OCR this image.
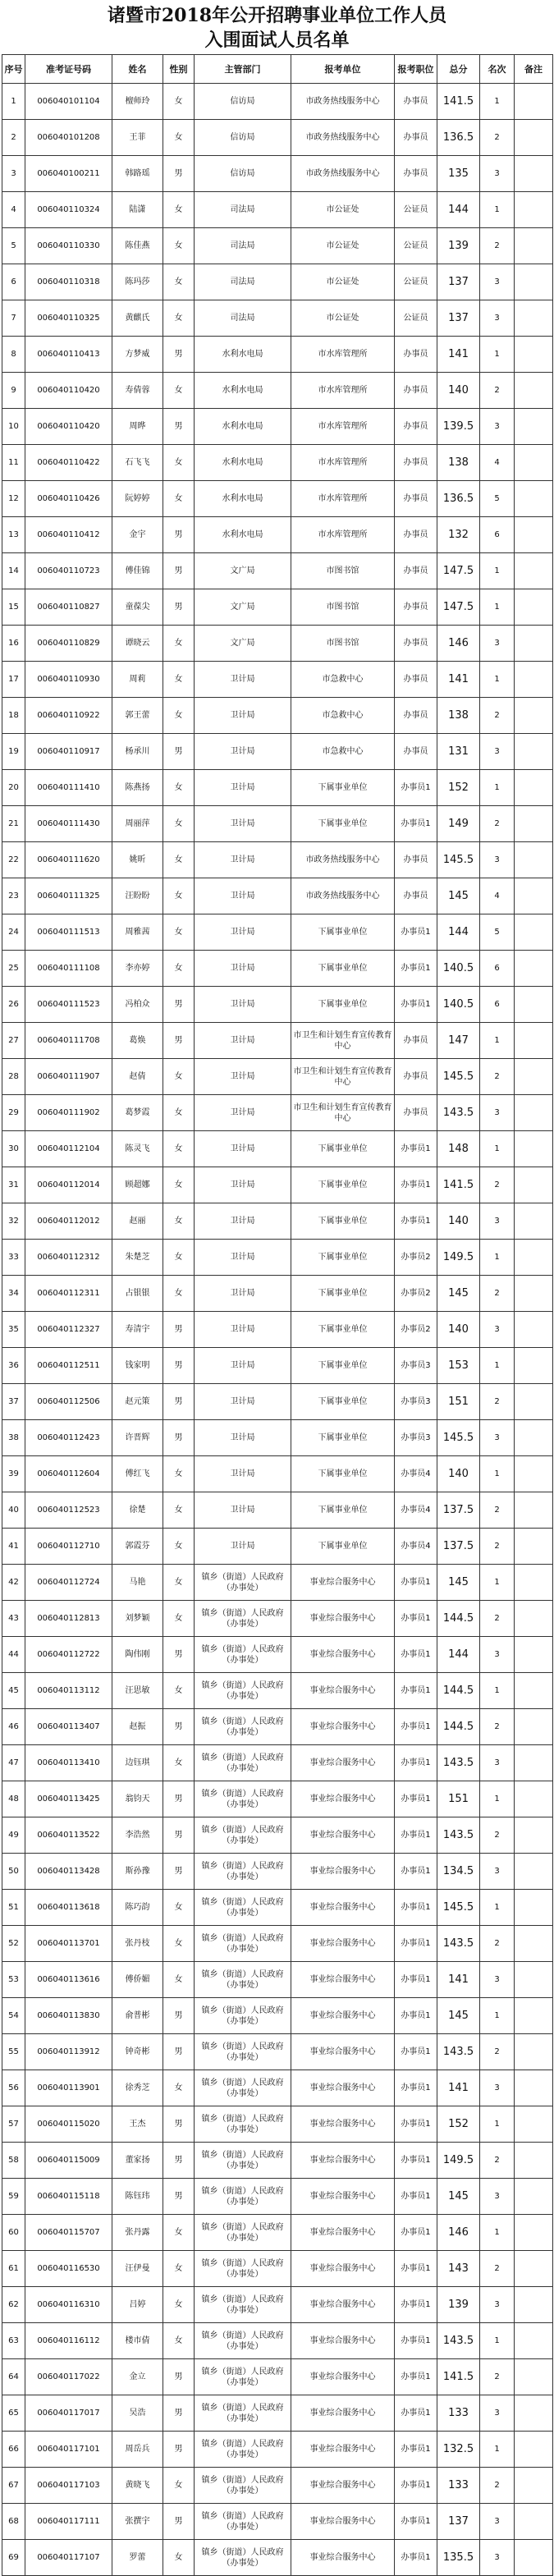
诸暨市2018年公开招聘事业单位工作人员
入围面试人员名单
序号	准考证号码	姓名	性别	主管部门	报考单位	报考职位	总分	名次	备注
1	006040101104	檀师玲	女	信访局	市政务热线服务中心	办事员	141.5	1	
2	006040101208	王菲	女	信访局	市政务热线服务中心	办事员	136.5	2	
3	006040100211	韩路瑶	男	信访局	市政务热线服务中心	办事员	135	3	
4	006040110324	陆潇	女	司法局	市公证处	公证员	144	1	
5	006040110330	陈佳燕	女	司法局	市公证处	公证员	139	2	
6	006040110318	陈玛莎	女	司法局	市公证处	公证员	137	3	
7	006040110325	黄麒氏	女	司法局	市公证处	公证员	137	3	
8	006040110413	方梦威	男	水利水电局	市水库管理所	办事员	141	1	
9	006040110420	寿倩蓉	女	水利水电局	市水库管理所	办事员	140	2	
10	006040110420	周晔	男	水利水电局	市水库管理所	办事员	139.5	3	
11	006040110422	石飞飞	女	水利水电局	市水库管理所	办事员	138	4	
12	006040110426	阮婷婷	女	水利水电局	市水库管理所	办事员	136.5	5	
13	006040110412	金宇	男	水利水电局	市水库管理所	办事员	132	6	
14	006040110723	傅佳锦	男	文广局	市图书馆	办事员	147.5	1	
15	006040110827	童葆尖	男	文广局	市图书馆	办事员	147.5	1	
16	006040110829	谭晓云	女	文广局	市图书馆	办事员	146	3	
17	006040110930	周莉	女	卫计局	市急救中心	办事员	141	1	
18	006040110922	郭王蕾	女	卫计局	市急救中心	办事员	138	2	
19	006040110917	杨承川	男	卫计局	市急救中心	办事员	131	3	
20	006040111410	陈燕扬	女	卫计局	下属事业单位	办事员1	152	1	
21	006040111430	周丽萍	女	卫计局	下属事业单位	办事员1	149	2	
22	006040111620	姚昕	女	卫计局	市政务热线服务中心	办事员	145.5	3	
23	006040111325	汪盼盼	女	卫计局	市政务热线服务中心	办事员	145	4	
24	006040111513	周雅茜	女	卫计局	下属事业单位	办事员1	144	5	
25	006040111108	李亦婷	女	卫计局	下属事业单位	办事员1	140.5	6	
26	006040111523	冯柏众	男	卫计局	下属事业单位	办事员1	140.5	6	
27	006040111708	葛焕	男	卫计局	市卫生和计划生育宣传教育中心	办事员	147	1	
28	006040111907	赵倩	女	卫计局	市卫生和计划生育宣传教育中心	办事员	145.5	2	
29	006040111902	葛梦霞	女	卫计局	市卫生和计划生育宣传教育中心	办事员	143.5	3	
30	006040112104	陈灵飞	女	卫计局	下属事业单位	办事员1	148	1	
31	006040112014	顾超娜	女	卫计局	下属事业单位	办事员1	141.5	2	
32	006040112012	赵丽	女	卫计局	下属事业单位	办事员1	140	3	
33	006040112312	朱楚芝	女	卫计局	下属事业单位	办事员2	149.5	1	
34	006040112311	占银银	女	卫计局	下属事业单位	办事员2	145	2	
35	006040112327	寿清宇	男	卫计局	下属事业单位	办事员2	140	3	
36	006040112511	钱家明	男	卫计局	下属事业单位	办事员3	153	1	
37	006040112506	赵元策	男	卫计局	下属事业单位	办事员3	151	2	
38	006040112423	许晋辉	男	卫计局	下属事业单位	办事员3	145.5	3	
39	006040112604	傅红飞	女	卫计局	下属事业单位	办事员4	140	1	
40	006040112523	徐楚	女	卫计局	下属事业单位	办事员4	137.5	2	
41	006040112710	郭霞芬	女	卫计局	下属事业单位	办事员4	137.5	2	
42	006040112724	马艳	女	镇乡（街道）人民政府（办事处）	事业综合服务中心	办事员1	145	1	
43	006040112813	刘梦颖	女	镇乡（街道）人民政府（办事处）	事业综合服务中心	办事员1	144.5	2	
44	006040112722	陶伟刚	男	镇乡（街道）人民政府（办事处）	事业综合服务中心	办事员1	144	3	
45	006040113112	汪思敏	女	镇乡（街道）人民政府（办事处）	事业综合服务中心	办事员1	144.5	1	
46	006040113407	赵振	男	镇乡（街道）人民政府（办事处）	事业综合服务中心	办事员1	144.5	2	
47	006040113410	边钰琪	女	镇乡（街道）人民政府（办事处）	事业综合服务中心	办事员1	143.5	3	
48	006040113425	翁钧天	男	镇乡（街道）人民政府（办事处）	事业综合服务中心	办事员1	151	1	
49	006040113522	李浩然	男	镇乡（街道）人民政府（办事处）	事业综合服务中心	办事员1	143.5	2	
50	006040113428	斯孙豫	男	镇乡（街道）人民政府（办事处）	事业综合服务中心	办事员1	134.5	3	
51	006040113618	陈巧韵	女	镇乡（街道）人民政府（办事处）	事业综合服务中心	办事员1	145.5	1	
52	006040113701	张丹枝	女	镇乡（街道）人民政府（办事处）	事业综合服务中心	办事员1	143.5	2	
53	006040113616	傅侨媚	女	镇乡（街道）人民政府（办事处）	事业综合服务中心	办事员1	141	3	
54	006040113830	俞普彬	男	镇乡（街道）人民政府（办事处）	事业综合服务中心	办事员1	145	1	
55	006040113912	钟奇彬	男	镇乡（街道）人民政府（办事处）	事业综合服务中心	办事员1	143.5	2	
56	006040113901	徐秀芝	女	镇乡（街道）人民政府（办事处）	事业综合服务中心	办事员1	141	3	
57	006040115020	王杰	男	镇乡（街道）人民政府（办事处）	事业综合服务中心	办事员1	152	1	
58	006040115009	董家扬	男	镇乡（街道）人民政府（办事处）	事业综合服务中心	办事员1	149.5	2	
59	006040115118	陈钰玮	男	镇乡（街道）人民政府（办事处）	事业综合服务中心	办事员1	145	3	
60	006040115707	张丹露	女	镇乡（街道）人民政府（办事处）	事业综合服务中心	办事员1	146	1	
61	006040116530	汪伊曼	女	镇乡（街道）人民政府（办事处）	事业综合服务中心	办事员1	143	2	
62	006040116310	吕婷	女	镇乡（街道）人民政府（办事处）	事业综合服务中心	办事员1	139	3	
63	006040116112	楼市倩	女	镇乡（街道）人民政府（办事处）	事业综合服务中心	办事员1	143.5	1	
64	006040117022	金立	男	镇乡（街道）人民政府（办事处）	事业综合服务中心	办事员1	141.5	2	
65	006040117017	吴浩	男	镇乡（街道）人民政府（办事处）	事业综合服务中心	办事员1	133	3	
66	006040117101	周岳兵	男	镇乡（街道）人民政府（办事处）	事业综合服务中心	办事员1	132.5	1	
67	006040117103	黄晓飞	女	镇乡（街道）人民政府（办事处）	事业综合服务中心	办事员1	133	2	
68	006040117111	张撰宇	男	镇乡（街道）人民政府（办事处）	事业综合服务中心	办事员1	137	3	
69	006040117107	罗蕾	女	镇乡（街道）人民政府（办事处）	事业综合服务中心	办事员1	135.5	3	
